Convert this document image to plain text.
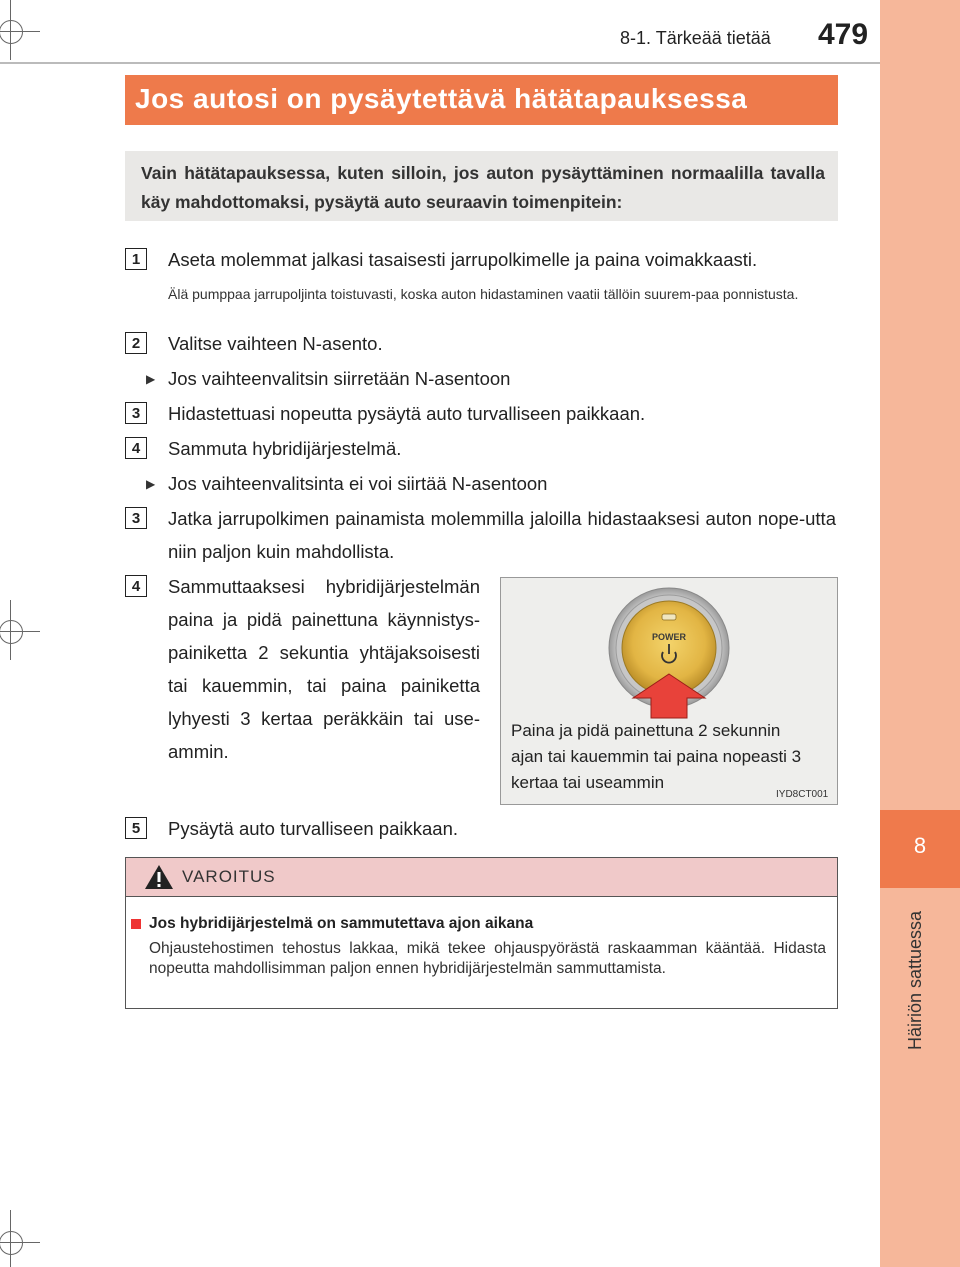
8
Häiriön sattuessa
8-1. Tärkeää tietää 479
Jos autosi on pysäytettävä hätätapauksessa

Vain hätätapauksessa, kuten silloin, jos auton pysäyttäminen normaalilla tavalla käy mahdottomaksi, pysäytä auto seuraavin toimenpitein:

1	Aseta molemmat jalkasi tasaisesti jarrupolkimelle ja paina voimakkaasti.
Älä pumppaa jarrupoljinta toistuvasti, koska auton hidastaminen vaatii tällöin suurem-paa ponnistusta.
2	Valitse vaihteen N-asento.
▶ Jos vaihteenvalitsin siirretään N-asentoon
3	Hidastettuasi nopeutta pysäytä auto turvalliseen paikkaan.
4	Sammuta hybridijärjestelmä.
▶ Jos vaihteenvalitsinta ei voi siirtää N-asentoon
3	Jatka jarrupolkimen painamista molemmilla jaloilla hidastaaksesi auton nope-utta niin paljon kuin mahdollista.
4	Sammuttaaksesi hybridijärjestelmän paina ja pidä painettuna käynnistys-painiketta 2 sekuntia yhtäjaksoisesti tai kauemmin, tai paina painiketta lyhyesti 3 kertaa peräkkäin tai use-ammin.
POWER
Paina ja pidä painettuna 2 sekunnin ajan tai kauemmin tai paina nopeasti 3 kertaa tai useammin
IYD8CT001
5	Pysäytä auto turvalliseen paikkaan.
VAROITUS
Jos hybridijärjestelmä on sammutettava ajon aikana
Ohjaustehostimen tehostus lakkaa, mikä tekee ohjauspyörästä raskaamman kääntää. Hidasta nopeutta mahdollisimman paljon ennen hybridijärjestelmän sammuttamista.
